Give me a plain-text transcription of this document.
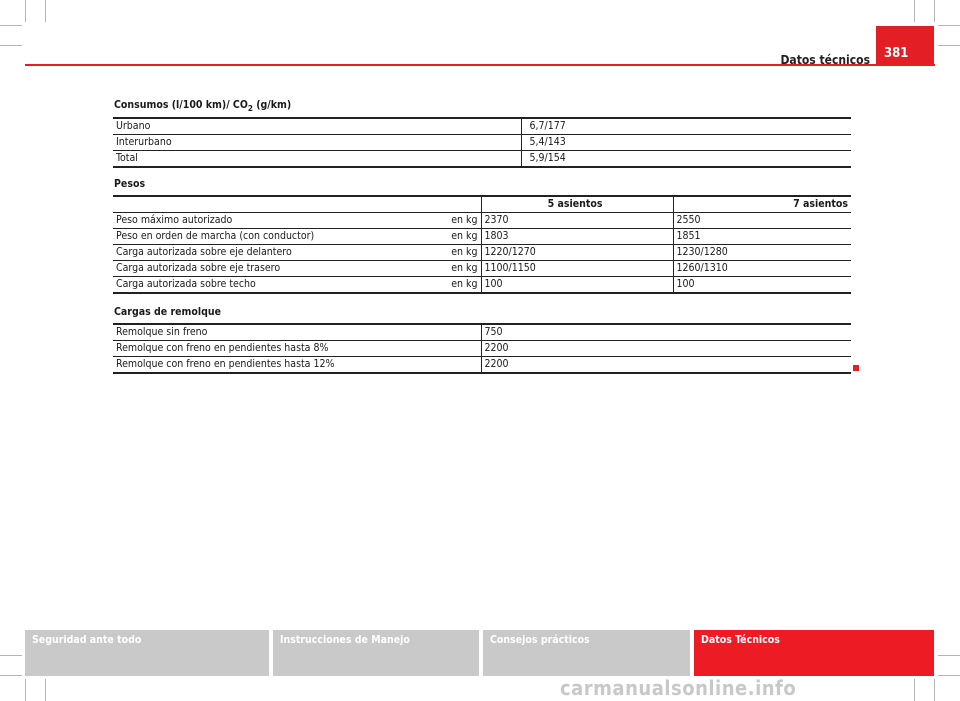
Datos técnicos 381
Consumos (l/100 km)/ $CO_2$ (g/km)
Urbano	6,7/177
Interurbano	5,4/143
Total	5,9/154
Pesos
	5 asientos	7 asientos
Peso máximo autorizado en kg	2370	2550
Peso en orden de marcha (con conductor) en kg	1803	1851
Carga autorizada sobre eje delantero en kg	1220/1270	1230/1280
Carga autorizada sobre eje trasero en kg	1100/1150	1260/1310
Carga autorizada sobre techo en kg	100	100
Cargas de remolque
Remolque sin freno	750
Remolque con freno en pendientes hasta 8%	2200
Remolque con freno en pendientes hasta 12%	2200
Seguridad ante todo	Instrucciones de Manejo	Consejos prácticos	Datos Técnicos
carmanualsonline.info
